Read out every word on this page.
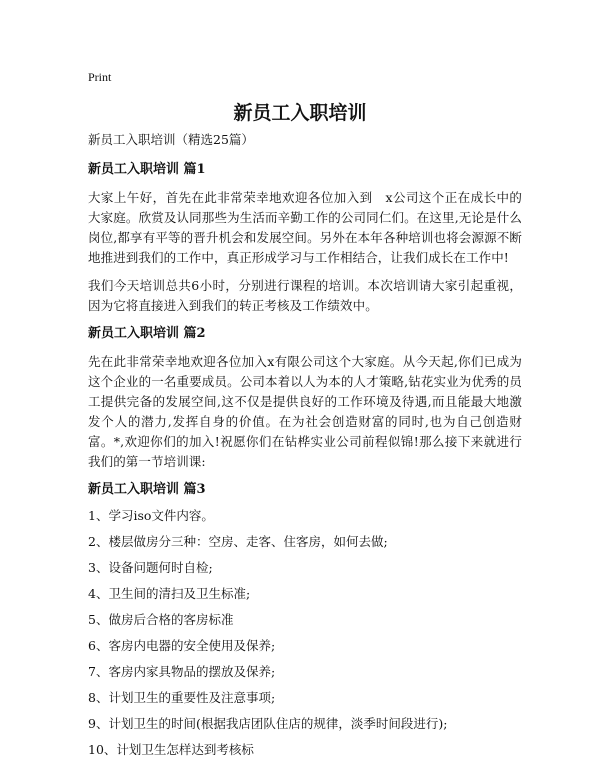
Print
新员工入职培训

新员工入职培训（精选25篇）

新员工入职培训 篇1

大家上午好，首先在此非常荣幸地欢迎各位加入到　x公司这个正在成长中的大家庭。欣赏及认同那些为生活而辛勤工作的公司同仁们。在这里,无论是什么岗位,都享有平等的晋升机会和发展空间。另外在本年各种培训也将会源源不断地推进到我们的工作中，真正形成学习与工作相结合，让我们成长在工作中!

我们今天培训总共6小时，分别进行课程的培训。本次培训请大家引起重视，因为它将直接进入到我们的转正考核及工作绩效中。

新员工入职培训 篇2

先在此非常荣幸地欢迎各位加入x有限公司这个大家庭。从今天起,你们已成为这个企业的一名重要成员。公司本着以人为本的人才策略,钻花实业为优秀的员工提供完备的发展空间,这不仅是提供良好的工作环境及待遇,而且能最大地激发个人的潜力,发挥自身的价值。在为社会创造财富的同时,也为自己创造财富。*,欢迎你们的加入!祝愿你们在钻桦实业公司前程似锦!那么接下来就进行我们的第一节培训课:

新员工入职培训 篇3
1、学习iso文件内容。
2、楼层做房分三种：空房、走客、住客房，如何去做;
3、设备问题何时自检;
4、卫生间的清扫及卫生标准;
5、做房后合格的客房标准
6、客房内电器的安全使用及保养;
7、客房内家具物品的摆放及保养;
8、计划卫生的重要性及注意事项;
9、计划卫生的时间(根据我店团队住店的规律，淡季时间段进行);
10、计划卫生怎样达到考核标
